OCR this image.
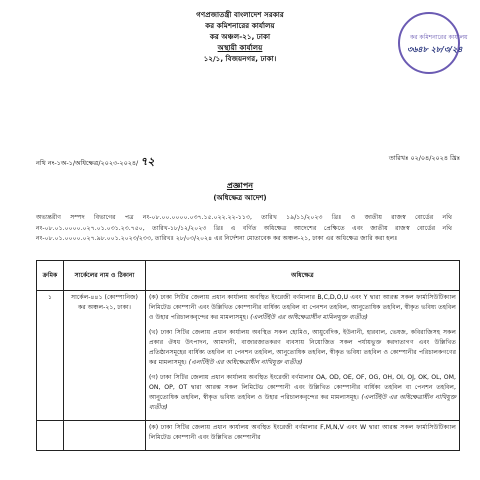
গণপ্রজাতন্ত্রী বাংলাদেশ সরকার
কর কমিশনারের কার্যালয়
কর অঞ্চল-২১, ঢাকা
অস্থায়ী কার্যালয়
১২/১, বিজয়নগর, ঢাকা।
কর কমিশনারের কার্যালয়
৩৬৪৮ ২৮/৩/২৪
নথি নং-১অ-১/অধিক্ষেত্র/২০২৩-২০২৪/ ৭২	তারিখঃ ০২/০৪/২০২৪ খ্রিঃ
প্রজ্ঞাপন
(অধিক্ষেত্র আদেশ)
অভ্যন্তরীণ সম্পদ বিভাগের পত্র নং-০৮.০০.০০০০.০৩৭.১৫.০২২.২২-১১৩, তারিখ ১৯/১১/২০২৩ খ্রিঃ ও জাতীয় রাজস্ব বোর্ডের নথি নং-০৮.০১.০০০০.০২৭.০১.০৩১.২৩.৭৫০, তারিখ-১৮/১২/২০২৩ খ্রিঃ এ বর্ণিত অধিক্ষেত্র আদেশের প্রেক্ষিতে এবং জাতীয় রাজস্ব বোর্ডের নথি নং-০৮.০১.০০০০.০২৭.৯৮.০০১.২০২৩/২৩৩, তারিখঃ ২৮/০৩/২০২৪ এর নির্দেশনা মোতাবেক কর অঞ্চল-২১, ঢাকা এর অধিক্ষেত্র জারি করা হলঃ
ক্রমিক	সার্কেলের নাম ও ঠিকানা	অধিক্ষেত্র
১	সার্কেল-৪৪১ (কোম্পানিজ) কর অঞ্চল-২১, ঢাকা।	(ক) ঢাকা সিটির জেলায় প্রধান কার্যালয় অবস্থিত ইংরেজী বর্ণমালার B,C,D,O,U এবং Y দ্বারা আরম্ভ সকল ফার্মাসিউটিক্যাল লিমিটেড কোম্পানী এবং উল্লিখিত কোম্পানীর বার্ষিক্য তহবিল বা পেনশন তহবিল, আনুতোষিক তহবিল, স্বীকৃত ভবিষ্য তহবিল ও উহার পরিচালকবৃন্দের কর মামলাসমূহ। (এলটিইউ এর অধিক্ষেত্রাধীন মামিলযুক্ত ব্যতীত)

(খ) ঢাকা সিটির জেলায় প্রধান কার্যালয় অবস্থিত সকল হোমিও, আয়ুর্বেদিক, ইউনানী, হারবাল, ভেষজ, কবিরাজিসহ সকল প্রকার ঔষধ উৎপাদন, আমদানী, বাজারজাতকরণ ব্যবসায় নিয়োজিত সকল পর্যায়ভুক্ত করদাতাগণ এবং উল্লিখিত প্রতিষ্ঠানসমূহের বার্ষিক্য তহবিল বা পেনশন তহবিল, আনুতোষিক তহবিল, স্বীকৃত ভবিষ্য তহবিল ও কোম্পানীর পরিচালকগণের কর মামলাসমূহ। (এলটিইউ এর অধিক্ষেত্রাধীন নাথিযুক্ত ব্যতীত)

(গ) ঢাকা সিটির জেলায় প্রধান কার্যালয় অবস্থিত ইংরেজী বর্ণমালার OA, OD, OE, OF, OG, OH, OI, OJ, OK, OL, OM, ON, OP, OT দ্বারা আরম্ভ সকল লিমিটেড কোম্পানী এবং উল্লিখিত কোম্পানীর বার্ষিক্য তহবিল বা পেনশন তহবিল, আনুতোষিক তহবিল, স্বীকৃত ভবিষ্য তহবিল ও উহার পরিচালকবৃন্দের কর মামলাসমূহ। (এলটিইউ এর অধিক্ষেত্রাধীন নাথিযুক্ত ব্যতীত)

		(ক) ঢাকা সিটির জেলায় প্রধান কার্যালয় অবস্থিত ইংরেজী বর্ণমালার F,M,N,V এবং W দ্বারা আরম্ভ সকল ফার্মাসিউটিক্যাল লিমিটেড কোম্পানী এবং উল্লিখিত কোম্পানীর
